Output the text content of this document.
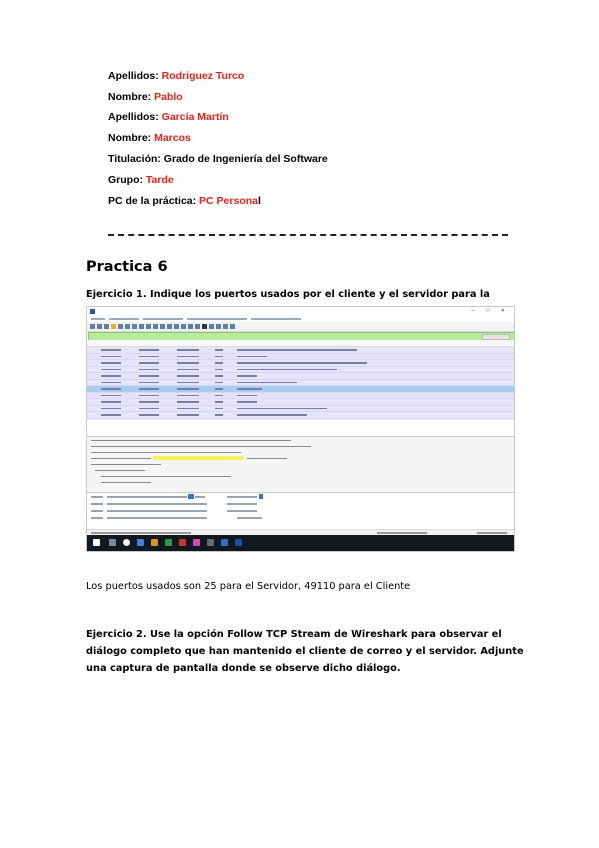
Apellidos: Rodriguez Turco
Nombre: Pablo
Apellidos: García Martín
Nombre: Marcos
Titulación: Grado de Ingeniería del Software
Grupo: Tarde
PC de la práctica: PC Personal
Practica 6
Ejercicio 1. Indique los puertos usados por el cliente y el servidor para la
─ □ ✕
Los puertos usados son 25 para el Servidor, 49110 para el Cliente
Ejercicio 2. Use la opción Follow TCP Stream de Wireshark para observar el diálogo completo que han mantenido el cliente de correo y el servidor. Adjunte una captura de pantalla donde se observe dicho diálogo.
